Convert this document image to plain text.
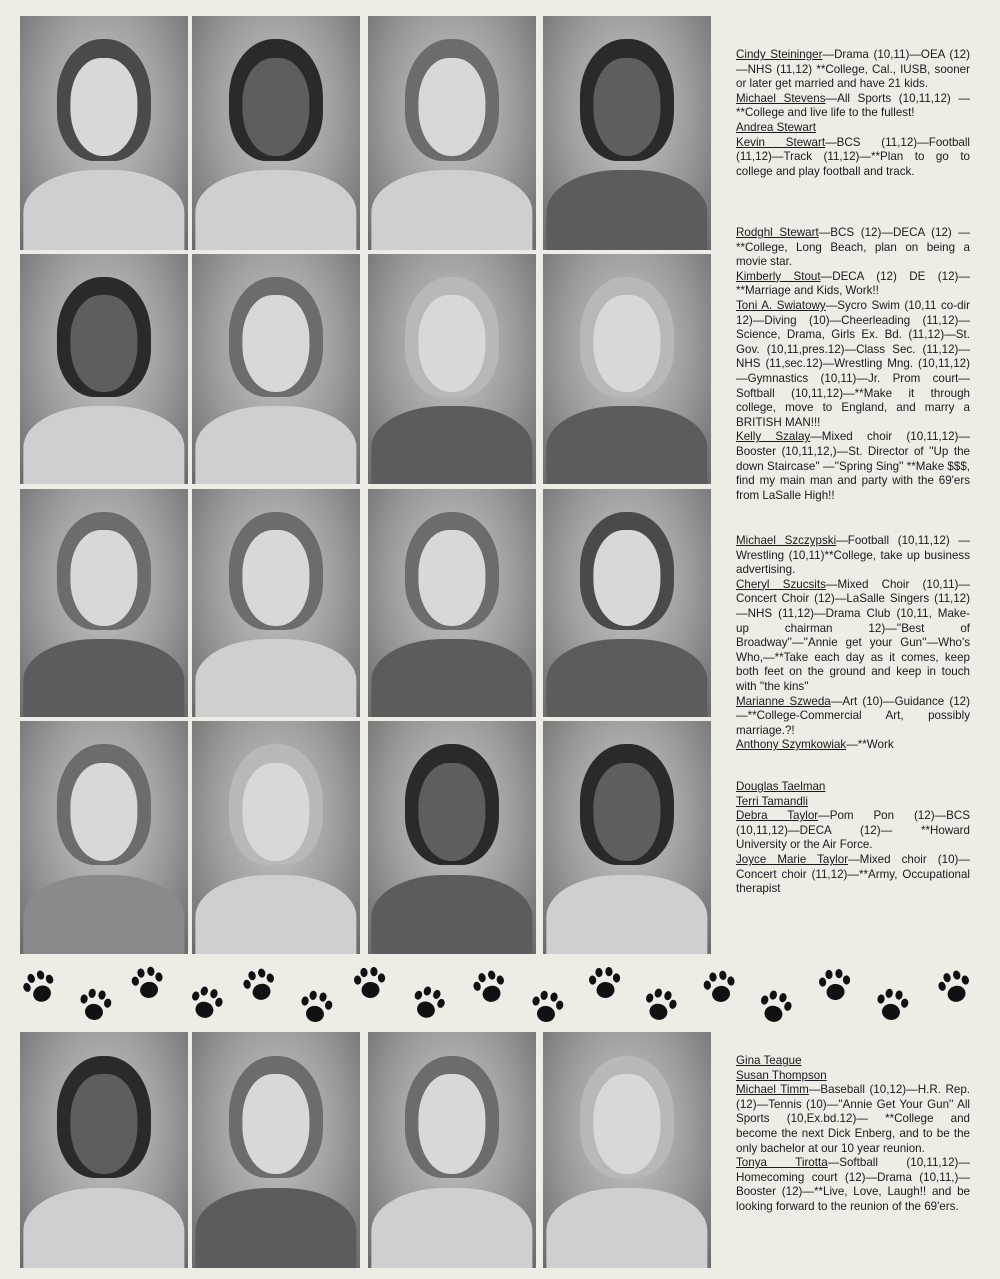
Cindy Steininger—Drama (10,11)—OEA (12)—NHS (11,12) **College, Cal., IUSB, sooner or later get married and have 21 kids.

Michael Stevens—All Sports (10,11,12) —**College and live life to the fullest!

Andrea Stewart

Kevin Stewart—BCS (11,12)—Football (11,12)—Track (11,12)—**Plan to go to college and play football and track.

Rodghl Stewart—BCS (12)—DECA (12) —**College, Long Beach, plan on being a movie star.

Kimberly Stout—DECA (12) DE (12)— **Marriage and Kids, Work!!

Toni A. Swiatowy—Sycro Swim (10,11 co-dir 12)—Diving (10)—Cheerleading (11,12)—Science, Drama, Girls Ex. Bd. (11,12)—St. Gov. (10,11,pres.12)—Class Sec. (11,12)—NHS (11,sec.12)—Wrestling Mng. (10,11,12)—Gymnastics (10,11)—Jr. Prom court—Softball (10,11,12)—**Make it through college, move to England, and marry a BRITISH MAN!!!

Kelly Szalay—Mixed choir (10,11,12)—Booster (10,11,12,)—St. Director of ''Up the down Staircase'' —''Spring Sing'' **Make $$$, find my main man and party with the 69'ers from LaSalle High!!

Michael Szczypski—Football (10,11,12) —Wrestling (10,11)**College, take up business advertising.

Cheryl Szucsits—Mixed Choir (10,11)—Concert Choir (12)—LaSalle Singers (11,12)—NHS (11,12)—Drama Club (10,11, Make-up chairman 12)—''Best of Broadway''—''Annie get your Gun''—Who's Who,—**Take each day as it comes, keep both feet on the ground and keep in touch with ''the kins''

Marianne Szweda—Art (10)—Guidance (12)—**College-Commercial Art, possibly marriage.?!

Anthony Szymkowiak—**Work

Douglas Taelman

Terri Tamandli

Debra Taylor—Pom Pon (12)—BCS (10,11,12)—DECA (12)— **Howard University or the Air Force.

Joyce Marie Taylor—Mixed choir (10)—Concert choir (11,12)—**Army, Occupational therapist

Gina Teague

Susan Thompson

Michael Timm—Baseball (10,12)—H.R. Rep. (12)—Tennis (10)—''Annie Get Your Gun'' All Sports (10,Ex.bd.12)— **College and become the next Dick Enberg, and to be the only bachelor at our 10 year reunion.

Tonya Tirotta—Softball (10,11,12)—Homecoming court (12)—Drama (10,11,)—Booster (12)—**Live, Love, Laugh!! and be looking forward to the reunion of the 69'ers.
